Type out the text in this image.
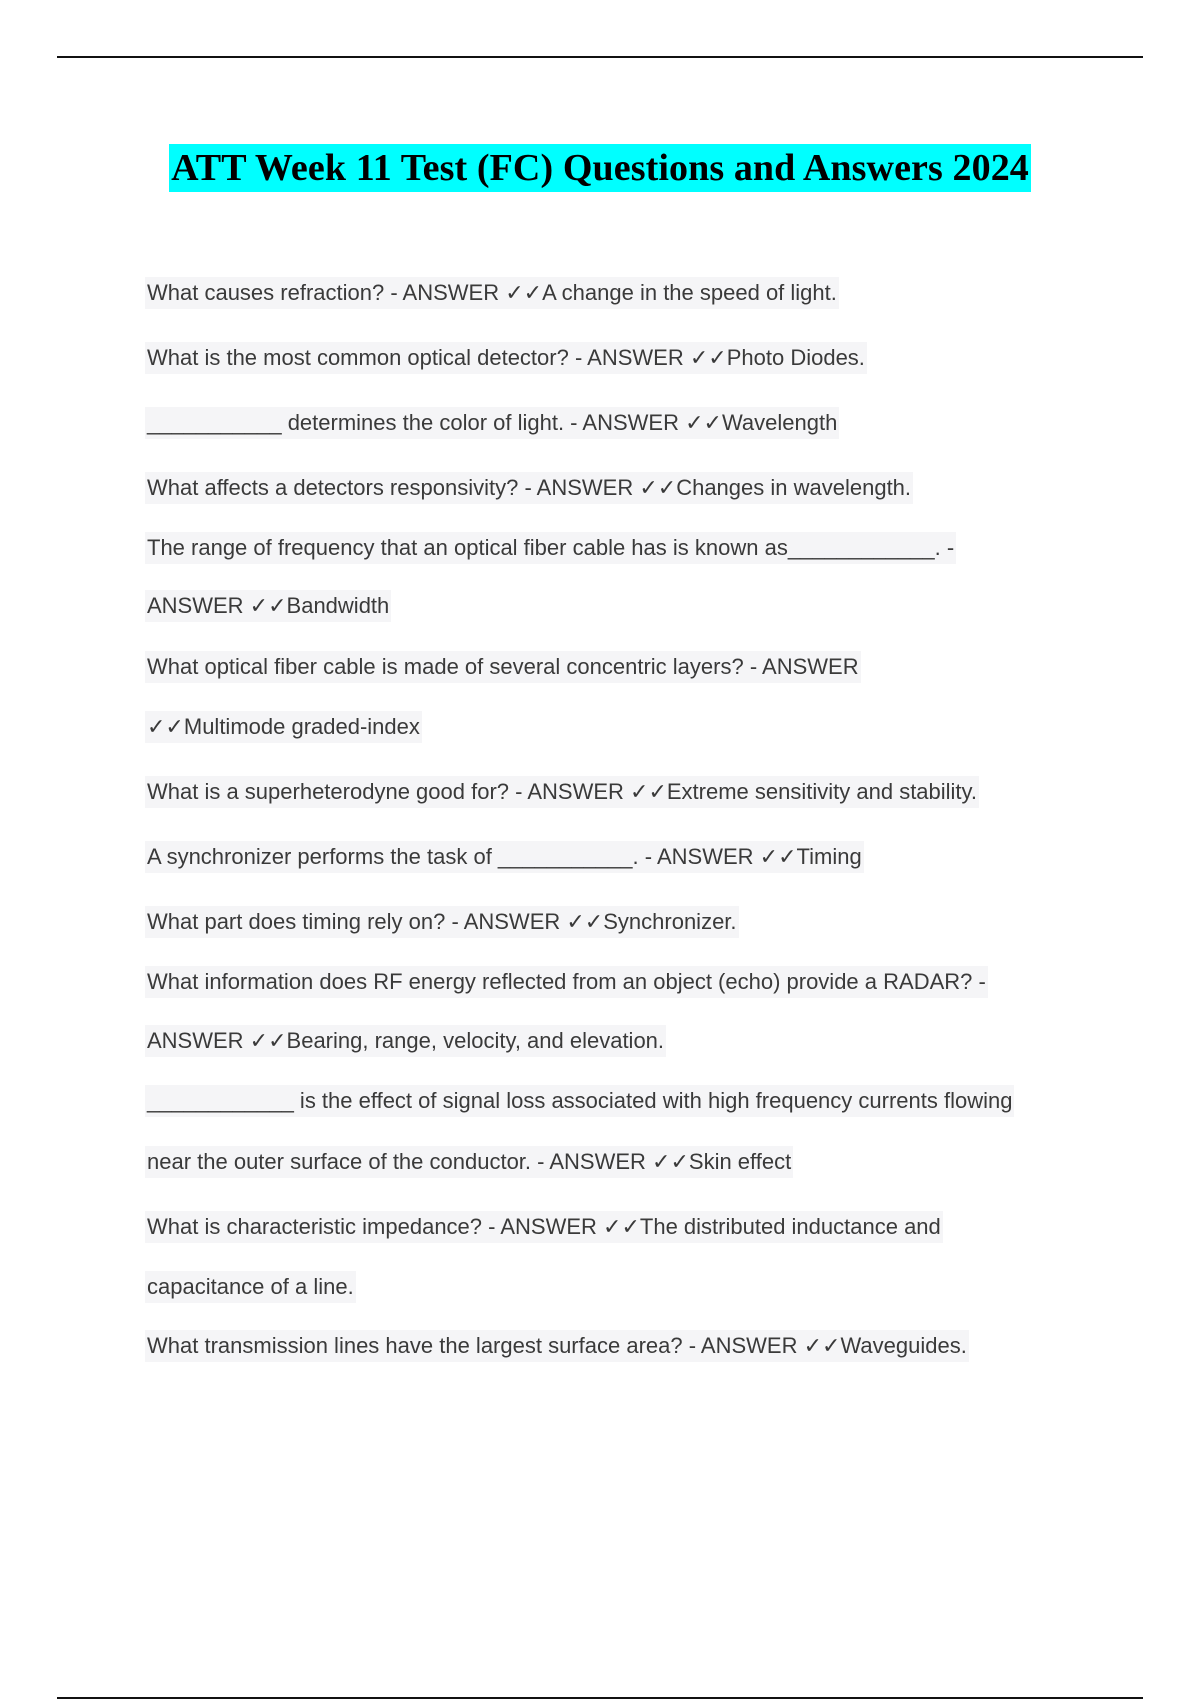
ATT Week 11 Test (FC) Questions and Answers 2024
What causes refraction? - ANSWER ✓✓A change in the speed of light.
What is the most common optical detector? - ANSWER ✓✓Photo Diodes.
___________ determines the color of light. - ANSWER ✓✓Wavelength
What affects a detectors responsivity? - ANSWER ✓✓Changes in wavelength.
The range of frequency that an optical fiber cable has is known as____________. -
ANSWER ✓✓Bandwidth
What optical fiber cable is made of several concentric layers? - ANSWER
✓✓Multimode graded-index
What is a superheterodyne good for? - ANSWER ✓✓Extreme sensitivity and stability.
A synchronizer performs the task of ___________. - ANSWER ✓✓Timing
What part does timing rely on? - ANSWER ✓✓Synchronizer.
What information does RF energy reflected from an object (echo) provide a RADAR? -
ANSWER ✓✓Bearing, range, velocity, and elevation.
____________ is the effect of signal loss associated with high frequency currents flowing
near the outer surface of the conductor. - ANSWER ✓✓Skin effect
What is characteristic impedance? - ANSWER ✓✓The distributed inductance and
capacitance of a line.
What transmission lines have the largest surface area? - ANSWER ✓✓Waveguides.
